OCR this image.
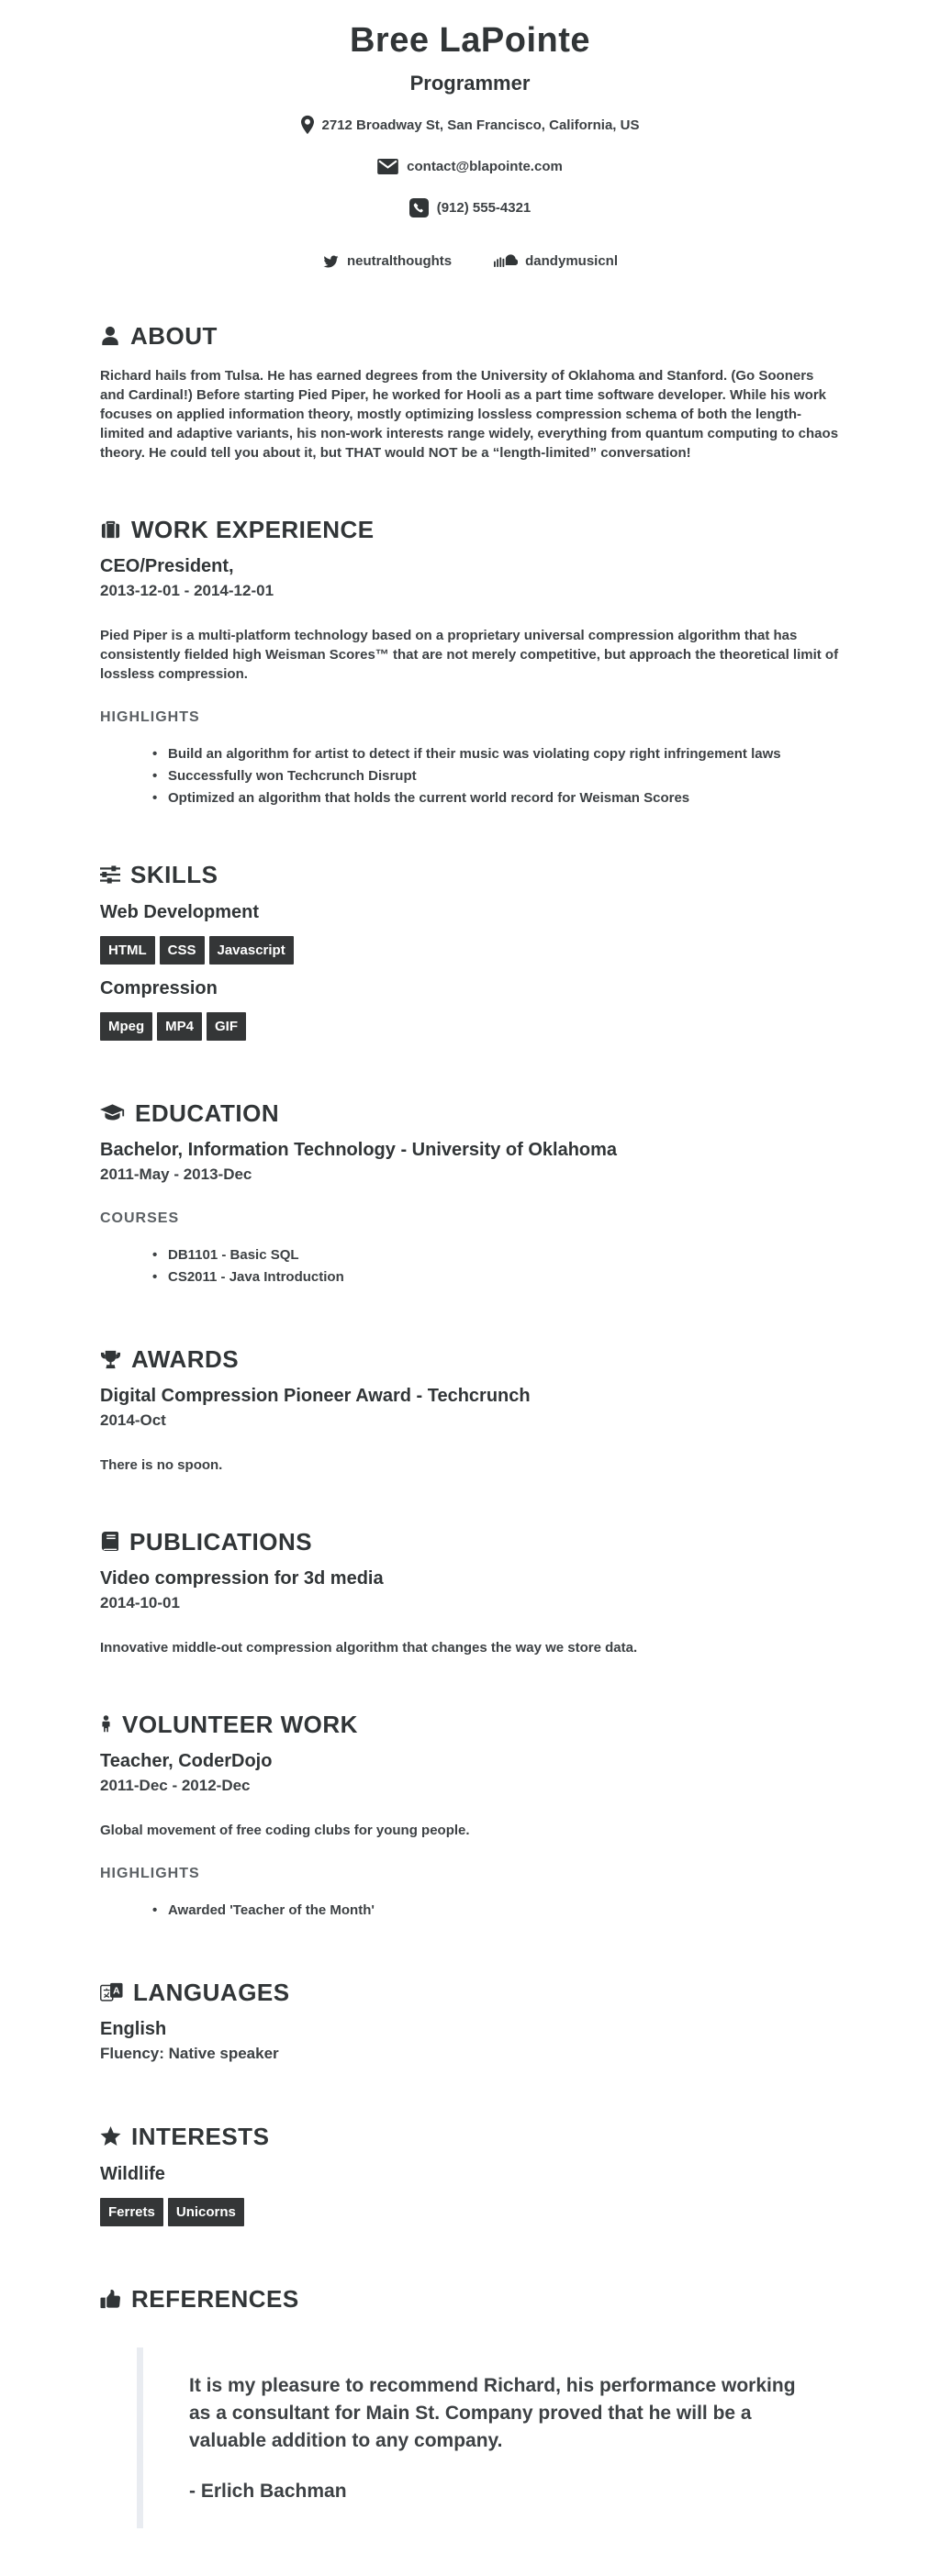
Bree LaPointe
Programmer
2712 Broadway St, San Francisco, California, US
contact@blapointe.com
(912) 555-4321
neutralthoughts	dandymusicnl
ABOUT

Richard hails from Tulsa. He has earned degrees from the University of Oklahoma and Stanford. (Go Sooners and Cardinal!) Before starting Pied Piper, he worked for Hooli as a part time software developer. While his work focuses on applied information theory, mostly optimizing lossless compression schema of both the length-limited and adaptive variants, his non-work interests range widely, everything from quantum computing to chaos theory. He could tell you about it, but THAT would NOT be a “length-limited” conversation!

WORK EXPERIENCE
CEO/President,
2013-12-01 - 2014-12-01

Pied Piper is a multi-platform technology based on a proprietary universal compression algorithm that has consistently fielded high Weisman Scores™ that are not merely competitive, but approach the theoretical limit of lossless compression.

HIGHLIGHTS
• Build an algorithm for artist to detect if their music was violating copy right infringement laws
• Successfully won Techcrunch Disrupt
• Optimized an algorithm that holds the current world record for Weisman Scores
SKILLS
Web Development
HTML	CSS	Javascript
Compression
Mpeg	MP4	GIF
EDUCATION
Bachelor, Information Technology - University of Oklahoma
2011-May - 2013-Dec
COURSES
• DB1101 - Basic SQL
• CS2011 - Java Introduction
AWARDS
Digital Compression Pioneer Award - Techcrunch
2014-Oct

There is no spoon.

PUBLICATIONS
Video compression for 3d media
2014-10-01

Innovative middle-out compression algorithm that changes the way we store data.

VOLUNTEER WORK
Teacher, CoderDojo
2011-Dec - 2012-Dec

Global movement of free coding clubs for young people.

HIGHLIGHTS
• Awarded 'Teacher of the Month'
A LANGUAGES
English
Fluency: Native speaker
INTERESTS
Wildlife
Ferrets	Unicorns
REFERENCES

It is my pleasure to recommend Richard, his performance working as a consultant for Main St. Company proved that he will be a valuable addition to any company.

- Erlich Bachman
